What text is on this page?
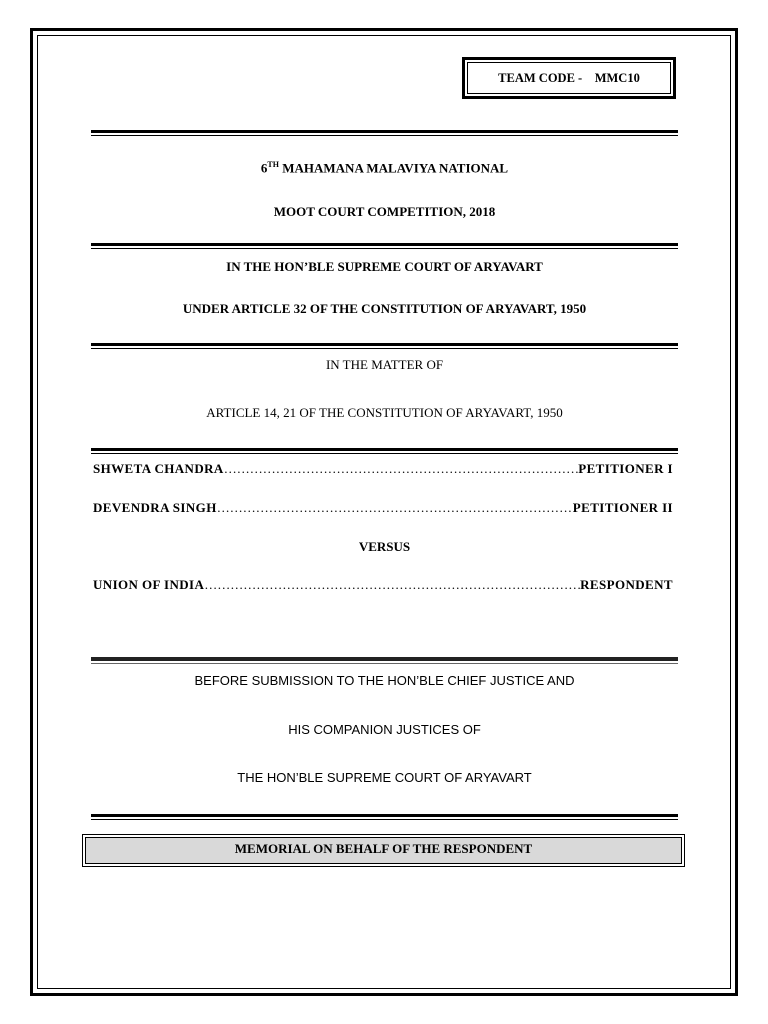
TEAM CODE -    MMC10
6TH MAHAMANA MALAVIYA NATIONAL
MOOT COURT COMPETITION, 2018
IN THE HON’BLE SUPREME COURT OF ARYAVART
UNDER ARTICLE 32 OF THE CONSTITUTION OF ARYAVART, 1950
IN THE MATTER OF
ARTICLE 14, 21 OF THE CONSTITUTION OF ARYAVART, 1950
SHWETA CHANDRA ……………………………………………………………………………………………………………………	PETITIONER I
DEVENDRA SINGH ……………………………………………………………………………………………………………………	PETITIONER II
VERSUS
UNION OF INDIA ……………………………………………………………………………………………………………………	RESPONDENT
BEFORE SUBMISSION TO THE HON’BLE CHIEF JUSTICE AND
HIS COMPANION JUSTICES OF
THE HON’BLE SUPREME COURT OF ARYAVART
MEMORIAL ON BEHALF OF THE RESPONDENT
